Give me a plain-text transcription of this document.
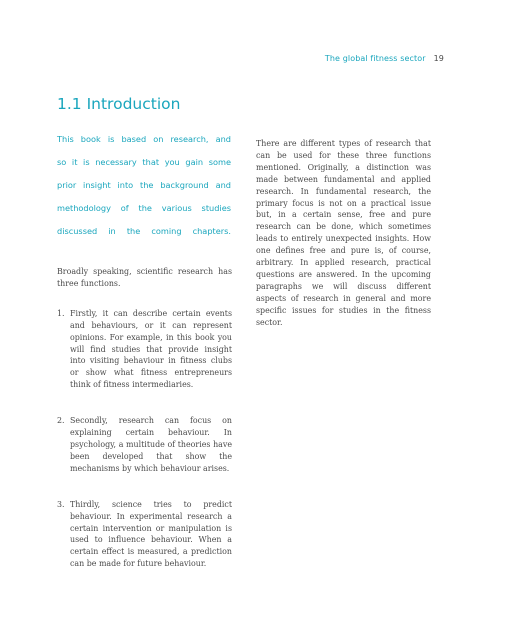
The global fitness sector 19
1.1 Introduction
This book is based on research, and
so it is necessary that you gain some
prior insight into the background and
methodology of the various studies
discussed in the coming chapters.

Broadly speaking, scientific research has three functions.

1. Firstly, it can describe certain events and behaviours, or it can represent opinions. For example, in this book you will find studies that provide insight into visiting behaviour in fitness clubs or show what fitness entrepreneurs think of fitness intermediaries.
2. Secondly, research can focus on explaining certain behaviour. In psychology, a multitude of theories have been developed that show the mechanisms by which behaviour arises.
3. Thirdly, science tries to predict behaviour. In experimental research a certain intervention or manipulation is used to influence behaviour. When a certain effect is measured, a prediction can be made for future behaviour.

There are different types of research that can be used for these three functions mentioned. Originally, a distinction was made between fundamental and applied research. In fundamental research, the primary focus is not on a practical issue but, in a certain sense, free and pure research can be done, which sometimes leads to entirely unexpected insights. How one defines free and pure is, of course, arbitrary. In applied research, practical questions are answered. In the upcoming paragraphs we will discuss different aspects of research in general and more specific issues for studies in the fitness sector.
